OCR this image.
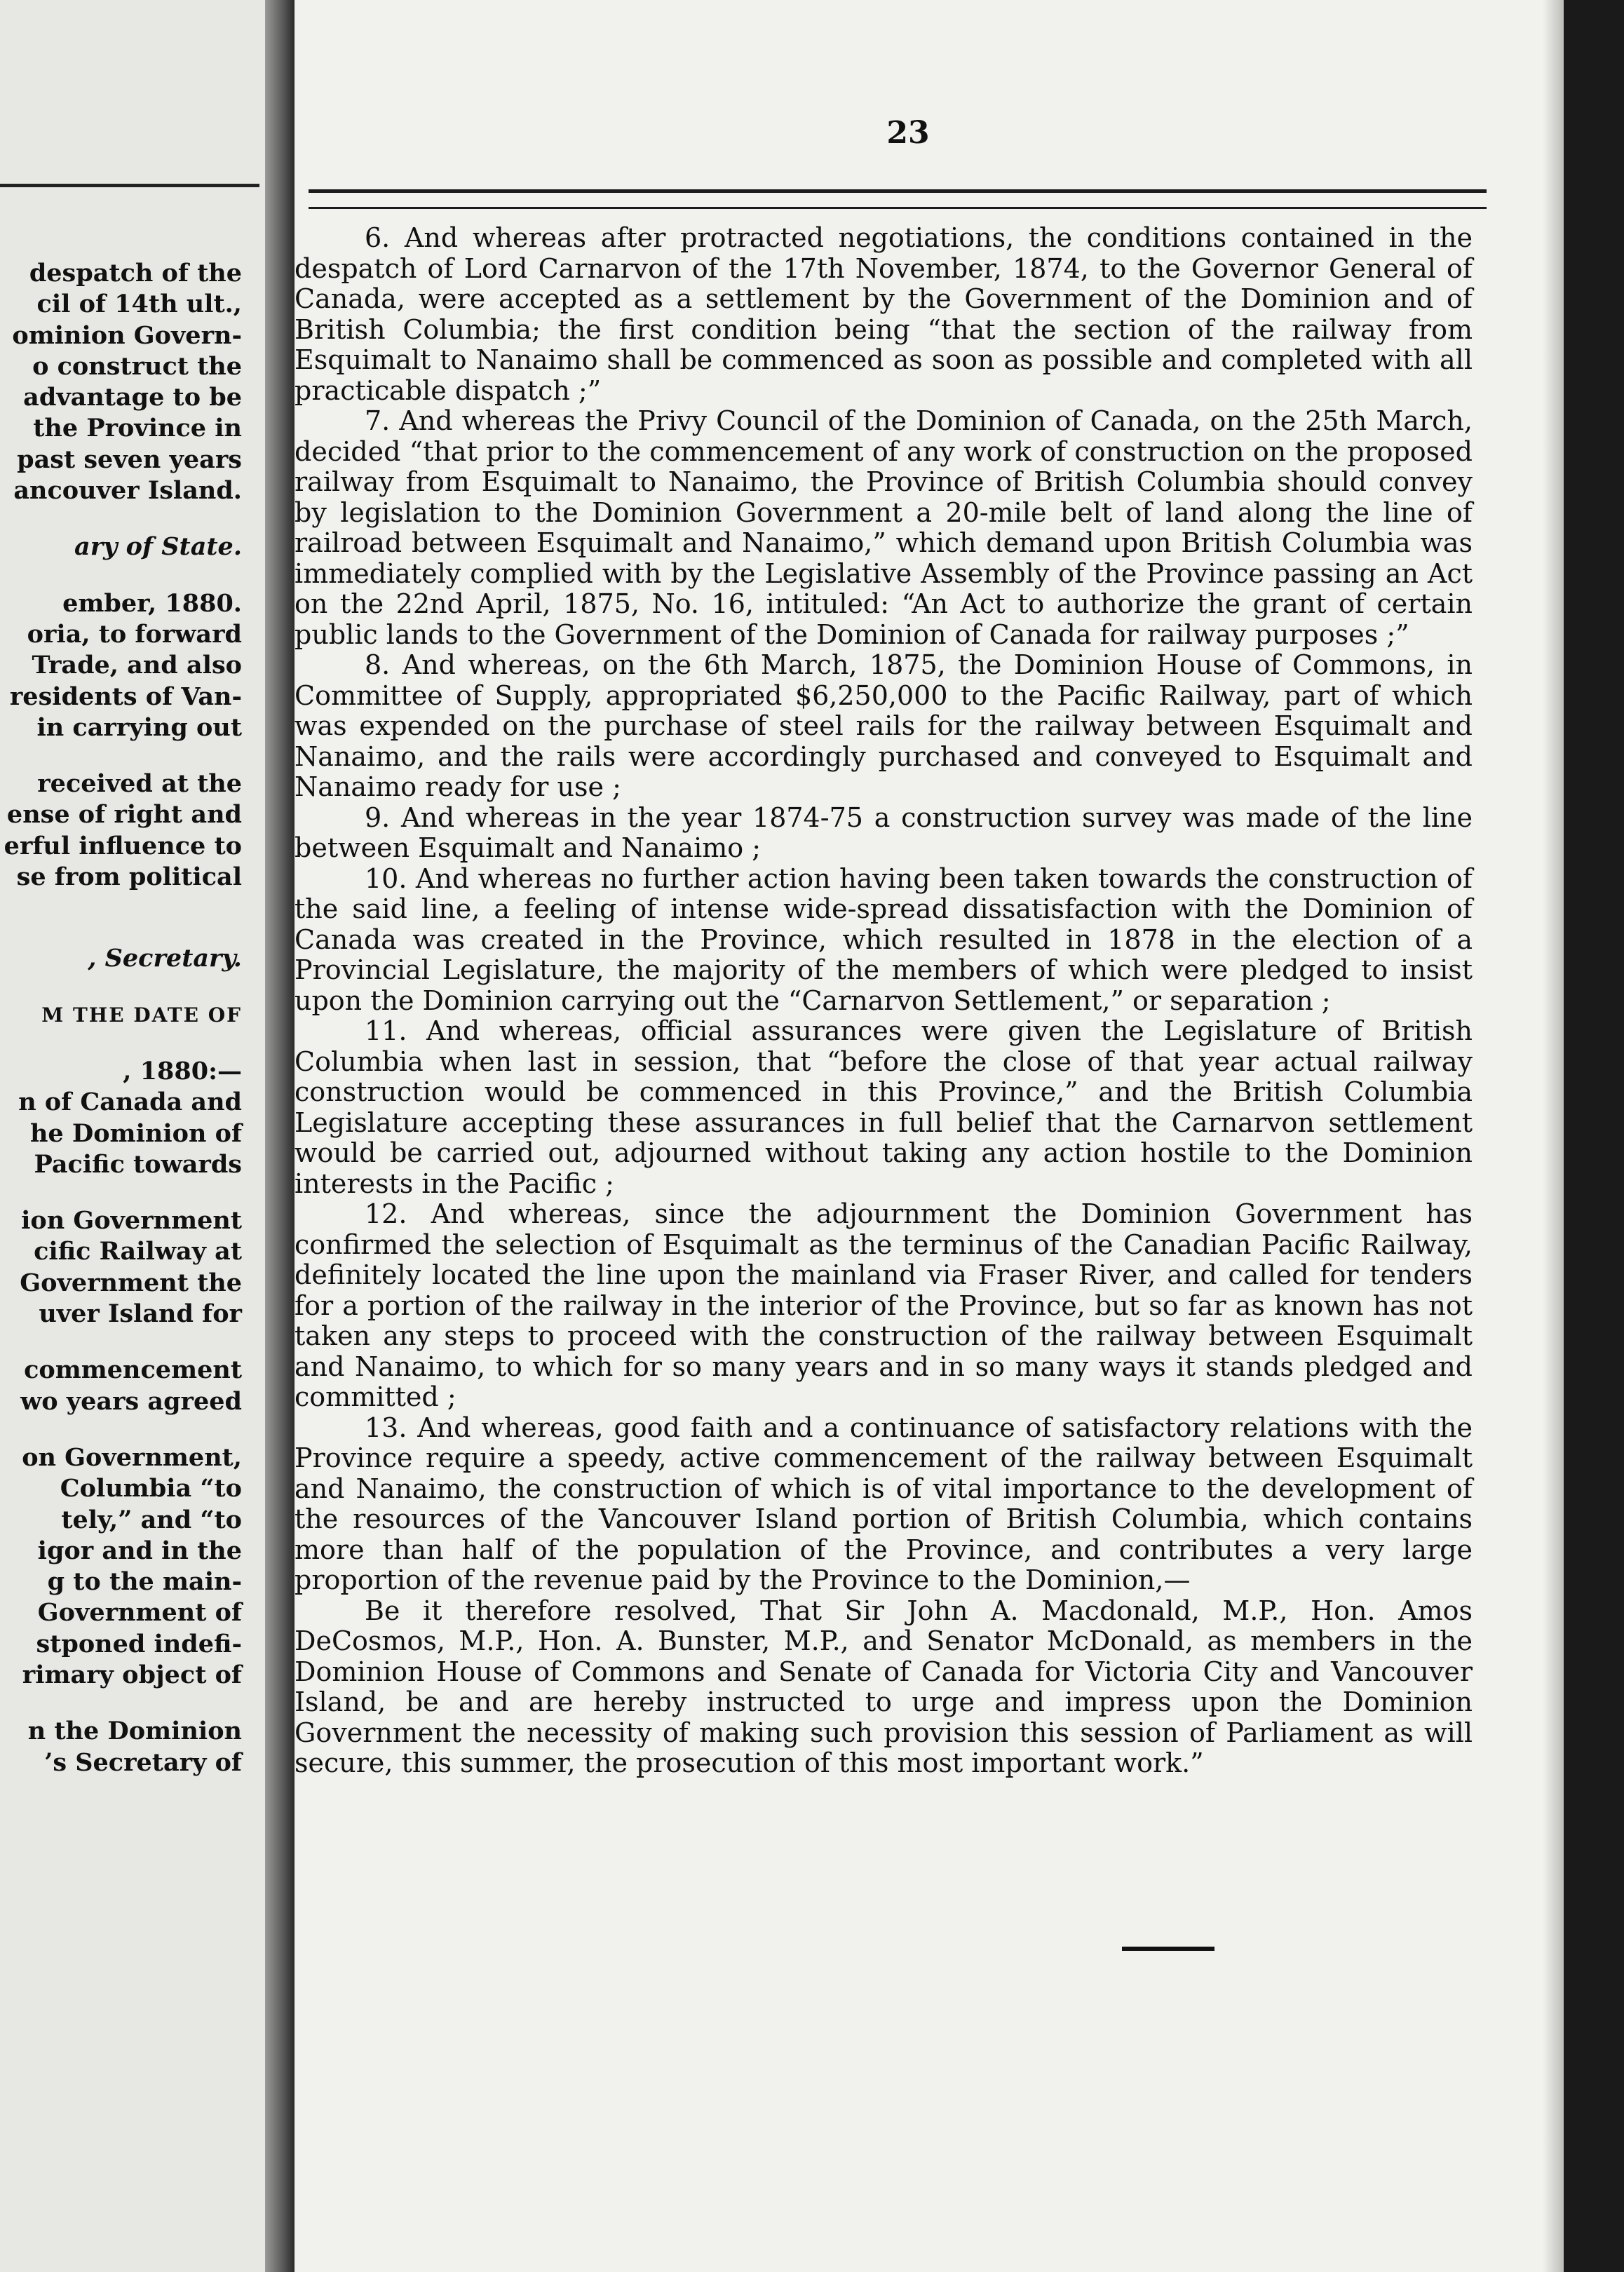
despatch of the
cil of 14th ult.,
ominion Govern-
o construct the
advantage to be
the Province in
past seven years
ancouver Island.
ary of State.
ember, 1880.
oria, to forward
Trade, and also
residents of Van-
in carrying out
received at the
ense of right and
erful influence to
se from political
, Secretary.
M THE DATE OF
, 1880:—
n of Canada and
he Dominion of
Pacific towards
ion Government
cific Railway at
Government the
uver Island for
commencement
wo years agreed
on Government,
Columbia “to
tely,” and “to
igor and in the
g to the main-
Government of
stponed indefi-
rimary object of
n the Dominion
’s Secretary of
23

6. And whereas after protracted negotiations, the conditions contained in the despatch of Lord Carnarvon of the 17th November, 1874, to the Governor General of Canada, were accepted as a settlement by the Government of the Dominion and of British Columbia; the first condition being “that the section of the railway from Esquimalt to Nanaimo shall be commenced as soon as possible and completed with all practicable dispatch ;”

7. And whereas the Privy Council of the Dominion of Canada, on the 25th March, decided “that prior to the commencement of any work of construction on the proposed railway from Esquimalt to Nanaimo, the Province of British Columbia should convey by legislation to the Dominion Government a 20-mile belt of land along the line of railroad between Esquimalt and Nanaimo,” which demand upon British Columbia was immediately complied with by the Legislative Assembly of the Province passing an Act on the 22nd April, 1875, No. 16, intituled: “An Act to authorize the grant of certain public lands to the Government of the Dominion of Canada for railway purposes ;”

8. And whereas, on the 6th March, 1875, the Dominion House of Commons, in Committee of Supply, appropriated $6,250,000 to the Pacific Railway, part of which was expended on the purchase of steel rails for the railway between Esquimalt and Nanaimo, and the rails were accordingly purchased and conveyed to Esquimalt and Nanaimo ready for use ;

9. And whereas in the year 1874-75 a construction survey was made of the line between Esquimalt and Nanaimo ;

10. And whereas no further action having been taken towards the construction of the said line, a feeling of intense wide-spread dissatisfaction with the Dominion of Canada was created in the Province, which resulted in 1878 in the election of a Provincial Legislature, the majority of the members of which were pledged to insist upon the Dominion carrying out the “Carnarvon Settlement,” or separation ;

11. And whereas, official assurances were given the Legislature of British Columbia when last in session, that “before the close of that year actual railway construction would be commenced in this Province,” and the British Columbia Legislature accepting these assurances in full belief that the Carnarvon settlement would be carried out, adjourned without taking any action hostile to the Dominion interests in the Pacific ;

12. And whereas, since the adjournment the Dominion Government has confirmed the selection of Esquimalt as the terminus of the Canadian Pacific Railway, definitely located the line upon the mainland via Fraser River, and called for tenders for a portion of the railway in the interior of the Province, but so far as known has not taken any steps to proceed with the construction of the railway between Esquimalt and Nanaimo, to which for so many years and in so many ways it stands pledged and committed ;

13. And whereas, good faith and a continuance of satisfactory relations with the Province require a speedy, active commencement of the railway between Esquimalt and Nanaimo, the construction of which is of vital importance to the development of the resources of the Vancouver Island portion of British Columbia, which contains more than half of the population of the Province, and contributes a very large proportion of the revenue paid by the Province to the Dominion,—

Be it therefore resolved, That Sir John A. Macdonald, M.P., Hon. Amos DeCosmos, M.P., Hon. A. Bunster, M.P., and Senator McDonald, as members in the Dominion House of Commons and Senate of Canada for Victoria City and Vancouver Island, be and are hereby instructed to urge and impress upon the Dominion Government the necessity of making such provision this session of Parliament as will secure, this summer, the prosecution of this most important work.”
